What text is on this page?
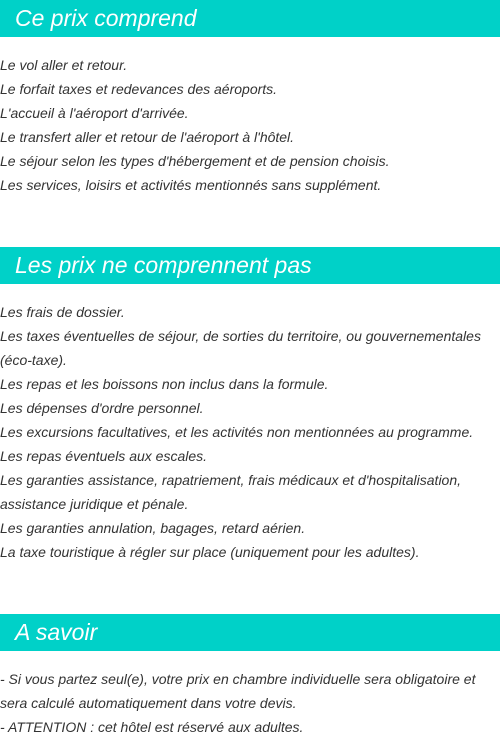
Ce prix comprend
Le vol aller et retour.
Le forfait taxes et redevances des aéroports.
L'accueil à l'aéroport d'arrivée.
Le transfert aller et retour de l'aéroport à l'hôtel.
Le séjour selon les types d'hébergement et de pension choisis.
Les services, loisirs et activités mentionnés sans supplément.
Les prix ne comprennent pas
Les frais de dossier.
Les taxes éventuelles de séjour, de sorties du territoire, ou gouvernementales (éco-taxe).
Les repas et les boissons non inclus dans la formule.
Les dépenses d'ordre personnel.
Les excursions facultatives, et les activités non mentionnées au programme.
Les repas éventuels aux escales.
Les garanties assistance, rapatriement, frais médicaux et d'hospitalisation, assistance juridique et pénale.
Les garanties annulation, bagages, retard aérien.
La taxe touristique à régler sur place (uniquement pour les adultes).
A savoir
- Si vous partez seul(e), votre prix en chambre individuelle sera obligatoire et sera calculé automatiquement dans votre devis.
- ATTENTION : cet hôtel est réservé aux adultes.
